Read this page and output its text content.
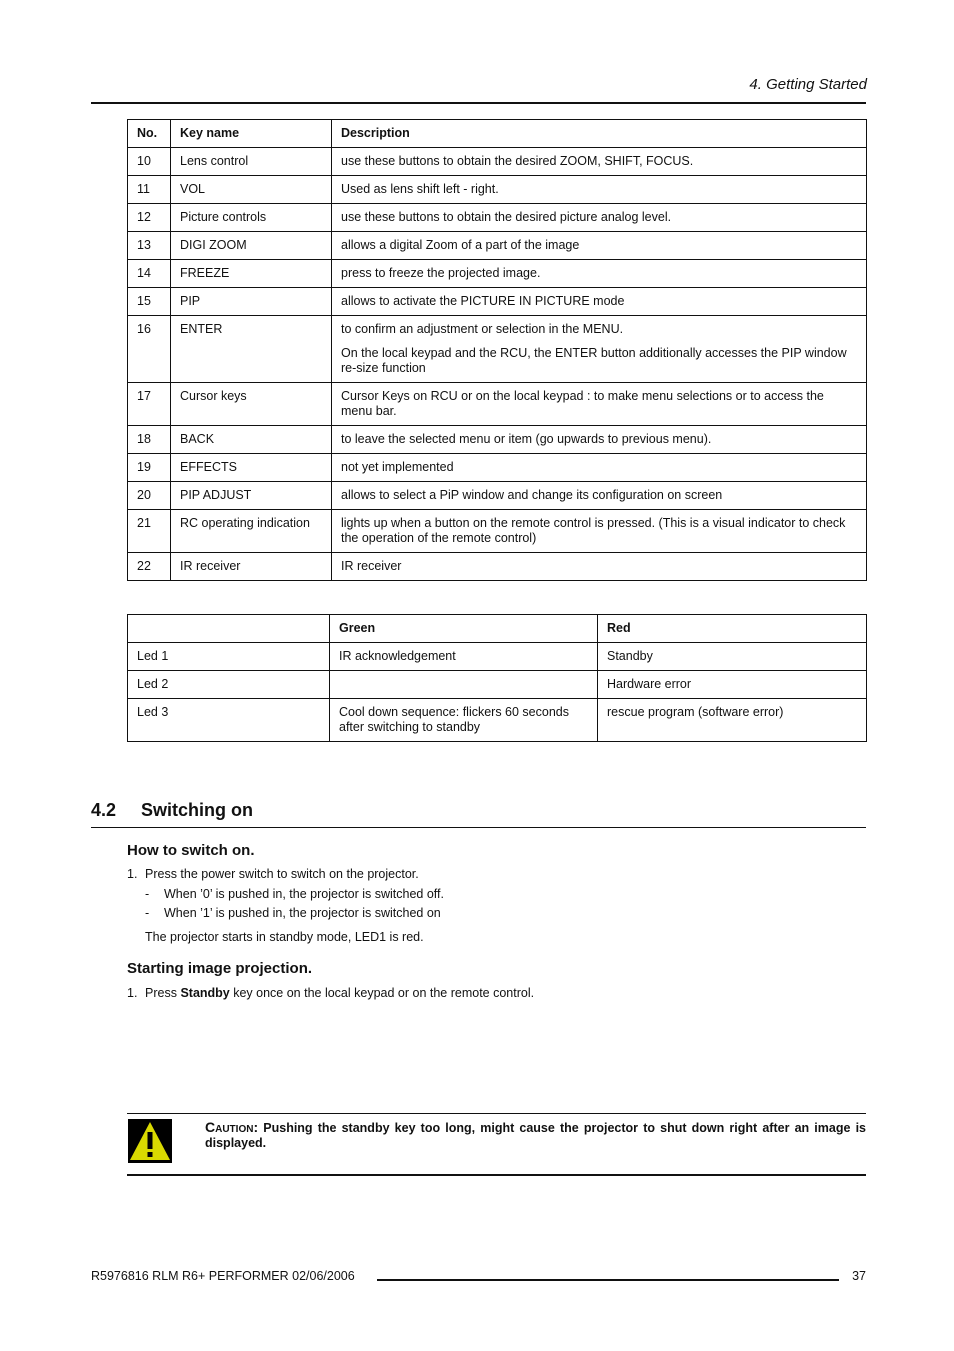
4. Getting Started
No.	Key name	Description
10	Lens control	use these buttons to obtain the desired ZOOM, SHIFT, FOCUS.

11	VOL	Used as lens shift left - right.

12	Picture controls	use these buttons to obtain the desired picture analog level.

13	DIGI ZOOM	allows a digital Zoom of a part of the image

14	FREEZE	press to freeze the projected image.

15	PIP	allows to activate the PICTURE IN PICTURE mode

16	ENTER	to confirm an adjustment or selection in the MENU.

On the local keypad and the RCU, the ENTER button additionally accesses the PIP window re-size function

17	Cursor keys	Cursor Keys on RCU or on the local keypad : to make menu selections or to access the menu bar.

18	BACK	to leave the selected menu or item (go upwards to previous menu).

19	EFFECTS	not yet implemented

20	PIP ADJUST	allows to select a PiP window and change its configuration on screen

21	RC operating indication	lights up when a button on the remote control is pressed. (This is a visual indicator to check the operation of the remote control)

22	IR receiver	IR receiver

	Green	Red
Led 1	IR acknowledgement	Standby
Led 2		Hardware error
Led 3	Cool down sequence: flickers 60 seconds after switching to standby	rescue program (software error)
4.2 Switching on
How to switch on.
1. Press the power switch to switch on the projector.
- When ’0’ is pushed in, the projector is switched off.
- When ’1’ is pushed in, the projector is switched on
The projector starts in standby mode, LED1 is red.
Starting image projection.
1. Press Standby key once on the local keypad or on the remote control.
Caution: Pushing the standby key too long, might cause the projector to shut down right after an image is displayed.
R5976816 RLM R6+ PERFORMER 02/06/2006	37
